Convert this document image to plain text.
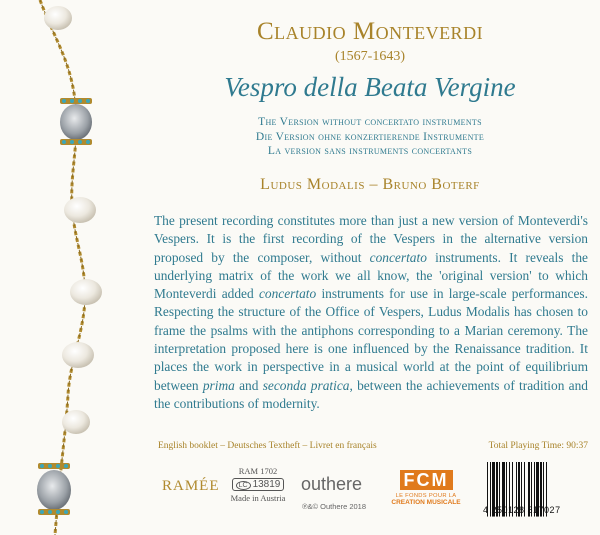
Claudio Monteverdi
(1567-1643)
Vespro della Beata Vergine
The Version without concertato instruments
Die Version ohne konzertierende Instrumente
La version sans instruments concertants
Ludus Modalis – Bruno Boterf
The present recording constitutes more than just a new version of Monteverdi's Vespers. It is the first recording of the Vespers in the alternative version proposed by the composer, without concertato instruments. It reveals the underlying matrix of the work we all know, the 'original version' to which Monteverdi added concertato instruments for use in large-scale performances. Respecting the structure of the Office of Vespers, Ludus Modalis has chosen to frame the psalms with the antiphons corresponding to a Marian ceremony. The interpretation proposed here is one influenced by the Renaissance tradition. It places the work in perspective in a musical world at the point of equilibrium between prima and seconda pratica, between the achievements of tradition and the contributions of modernity.
English booklet – Deutsches Textheft – Livret en français	Total Playing Time: 90:37
RAMÉE
RAM 1702
LC 13819
Made in Austria
outhere
℗&© Outhere 2018
FCM
LE FONDS POUR LA
CREATION MUSICALE
4 250128 517027
